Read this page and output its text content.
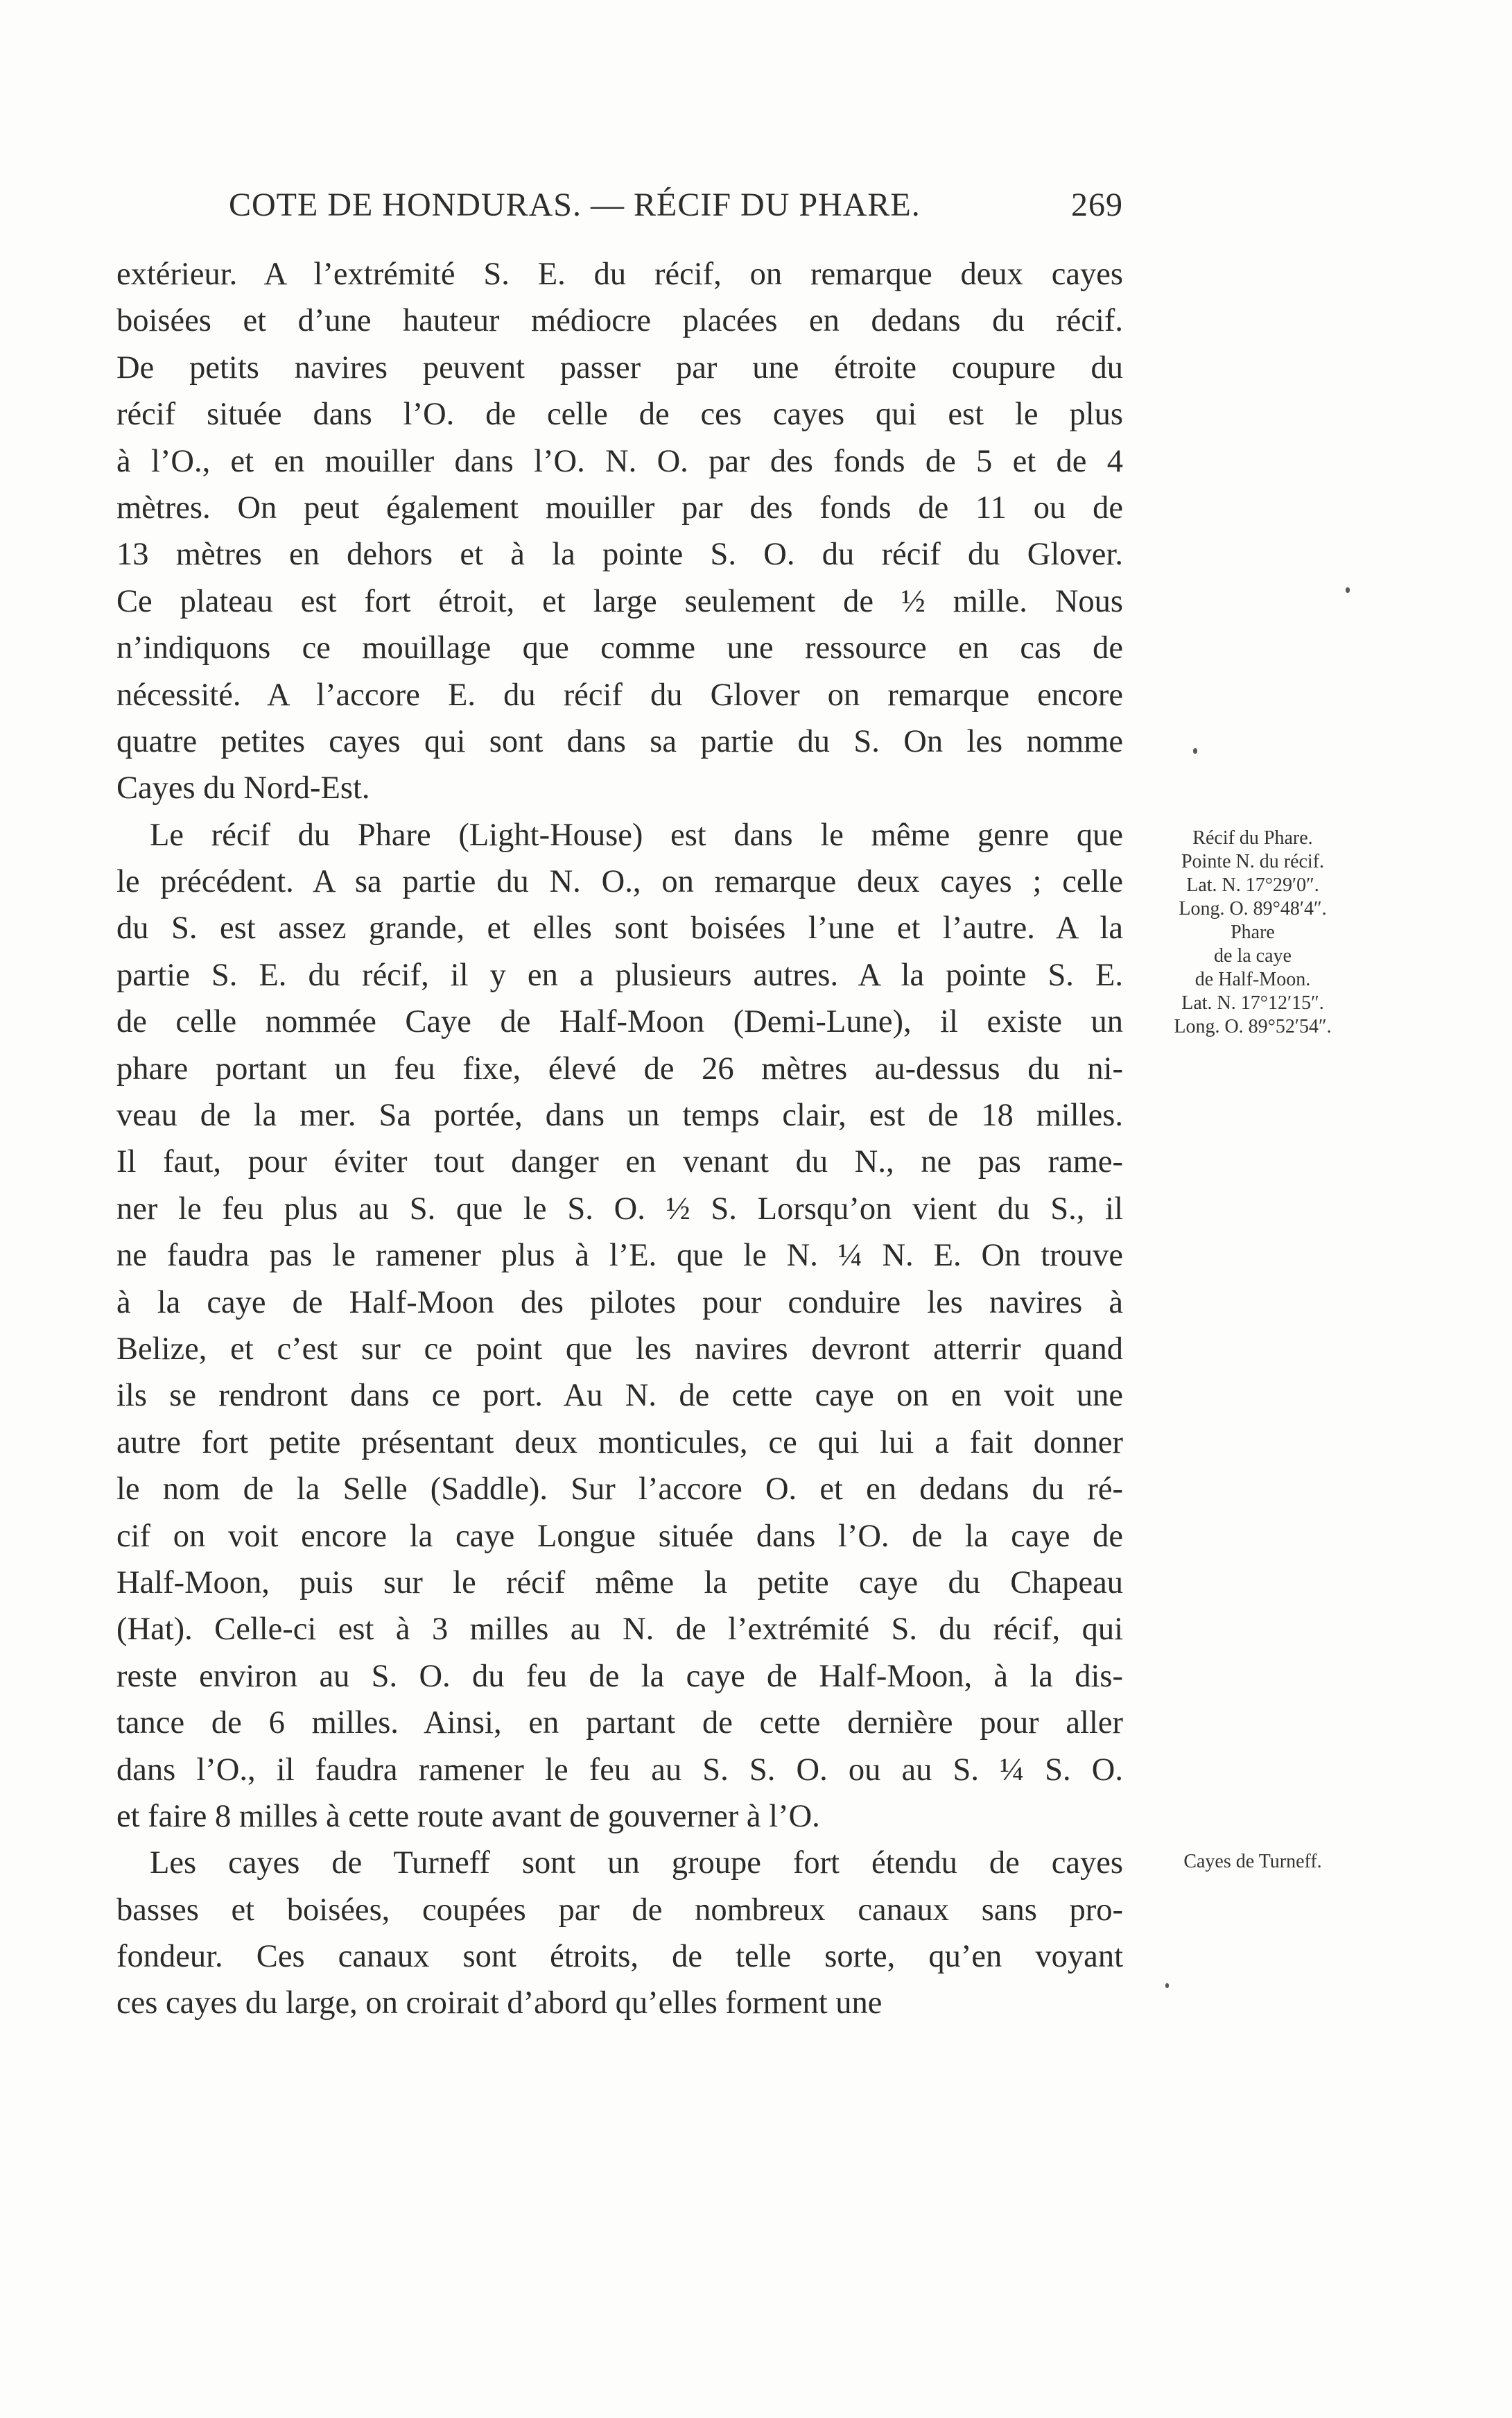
COTE DE HONDURAS. — RÉCIF DU PHARE.	269
extérieur. A l’extrémité S. E. du récif, on remarque deux cayes
boisées et d’une hauteur médiocre placées en dedans du récif.
De petits navires peuvent passer par une étroite coupure du
récif située dans l’O. de celle de ces cayes qui est le plus
à l’O., et en mouiller dans l’O. N. O. par des fonds de 5 et de 4
mètres. On peut également mouiller par des fonds de 11 ou de
13 mètres en dehors et à la pointe S. O. du récif du Glover.
Ce plateau est fort étroit, et large seulement de ½ mille. Nous
n’indiquons ce mouillage que comme une ressource en cas de
nécessité. A l’accore E. du récif du Glover on remarque encore
quatre petites cayes qui sont dans sa partie du S. On les nomme
Cayes du Nord-Est.
Le récif du Phare (Light-House) est dans le même genre que
le précédent. A sa partie du N. O., on remarque deux cayes ; celle
du S. est assez grande, et elles sont boisées l’une et l’autre. A la
partie S. E. du récif, il y en a plusieurs autres. A la pointe S. E.
de celle nommée Caye de Half-Moon (Demi-Lune), il existe un
phare portant un feu fixe, élevé de 26 mètres au-dessus du ni-
veau de la mer. Sa portée, dans un temps clair, est de 18 milles.
Il faut, pour éviter tout danger en venant du N., ne pas rame-
ner le feu plus au S. que le S. O. ½ S. Lorsqu’on vient du S., il
ne faudra pas le ramener plus à l’E. que le N. ¼ N. E. On trouve
à la caye de Half-Moon des pilotes pour conduire les navires à
Belize, et c’est sur ce point que les navires devront atterrir quand
ils se rendront dans ce port. Au N. de cette caye on en voit une
autre fort petite présentant deux monticules, ce qui lui a fait donner
le nom de la Selle (Saddle). Sur l’accore O. et en dedans du ré-
cif on voit encore la caye Longue située dans l’O. de la caye de
Half-Moon, puis sur le récif même la petite caye du Chapeau
(Hat). Celle-ci est à 3 milles au N. de l’extrémité S. du récif, qui
reste environ au S. O. du feu de la caye de Half-Moon, à la dis-
tance de 6 milles. Ainsi, en partant de cette dernière pour aller
dans l’O., il faudra ramener le feu au S. S. O. ou au S. ¼ S. O.
et faire 8 milles à cette route avant de gouverner à l’O.
Les cayes de Turneff sont un groupe fort étendu de cayes
basses et boisées, coupées par de nombreux canaux sans pro-
fondeur. Ces canaux sont étroits, de telle sorte, qu’en voyant
ces cayes du large, on croirait d’abord qu’elles forment une
Récif du Phare.
Pointe N. du récif.
Lat. N. 17°29′0″.
Long. O. 89°48′4″.
Phare
de la caye
de Half-Moon.
Lat. N. 17°12′15″.
Long. O. 89°52′54″.
Cayes de Turneff.
